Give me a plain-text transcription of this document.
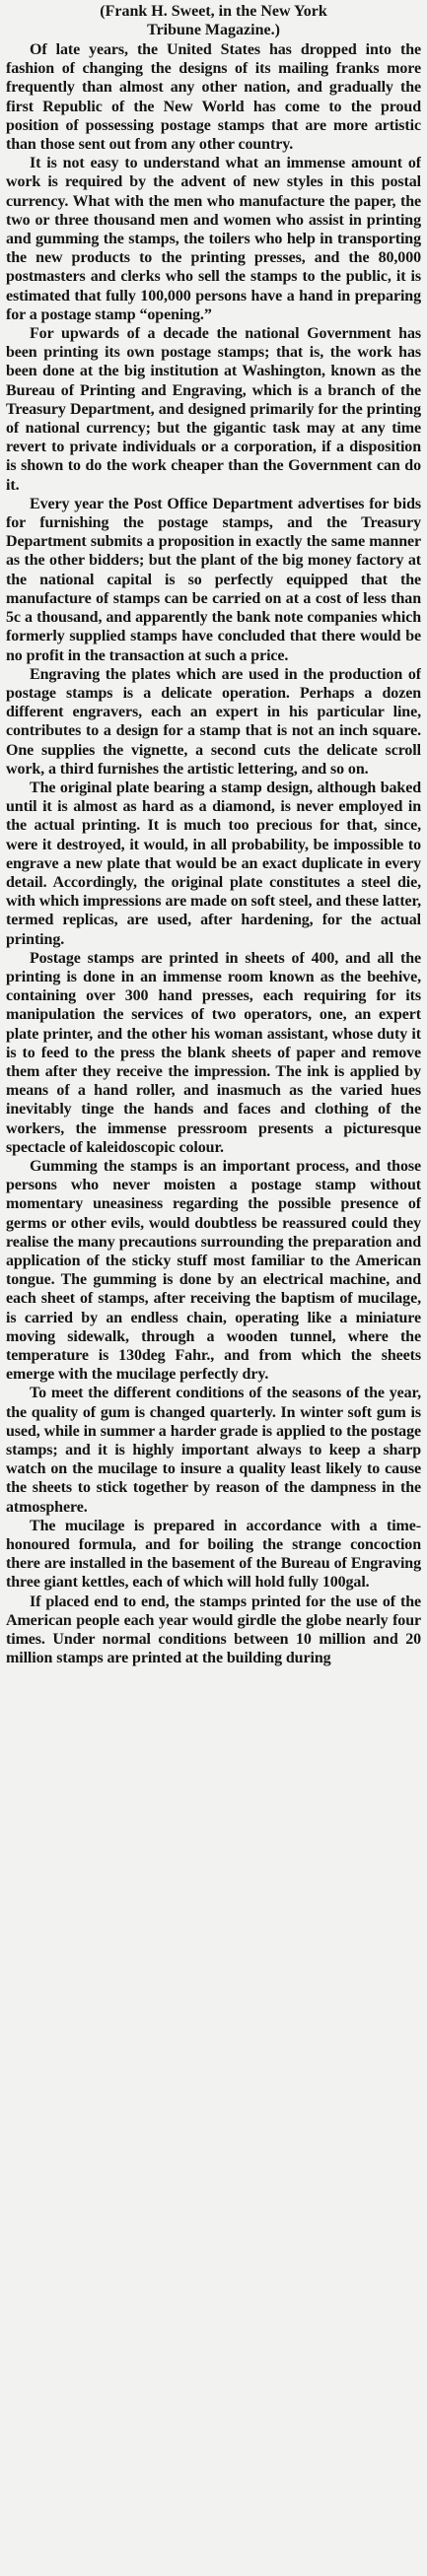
(Frank H. Sweet, in the New York
Tribune Magazine.)

Of late years, the United States has dropped into the fashion of changing the designs of its mailing franks more frequently than almost any other nation, and gradually the first Republic of the New World has come to the proud position of possessing postage stamps that are more artistic than those sent out from any other country.

It is not easy to understand what an immense amount of work is required by the advent of new styles in this postal currency. What with the men who manufacture the paper, the two or three thousand men and women who assist in printing and gumming the stamps, the toilers who help in transporting the new products to the printing presses, and the 80,000 postmasters and clerks who sell the stamps to the public, it is estimated that fully 100,000 persons have a hand in preparing for a postage stamp “opening.”

For upwards of a decade the national Government has been printing its own postage stamps; that is, the work has been done at the big institution at Washington, known as the Bureau of Printing and Engraving, which is a branch of the Treasury Department, and designed primarily for the printing of national currency; but the gigantic task may at any time revert to private individuals or a corporation, if a disposition is shown to do the work cheaper than the Government can do it.

Every year the Post Office Department advertises for bids for furnishing the postage stamps, and the Treasury Department submits a proposition in exactly the same manner as the other bidders; but the plant of the big money factory at the national capital is so perfectly equipped that the manufacture of stamps can be carried on at a cost of less than 5c a thousand, and apparently the bank note companies which formerly supplied stamps have concluded that there would be no profit in the transaction at such a price.

Engraving the plates which are used in the production of postage stamps is a delicate operation. Perhaps a dozen different engravers, each an expert in his particular line, contributes to a design for a stamp that is not an inch square. One supplies the vignette, a second cuts the delicate scroll work, a third furnishes the artistic lettering, and so on.

The original plate bearing a stamp design, although baked until it is almost as hard as a diamond, is never employed in the actual printing. It is much too precious for that, since, were it destroyed, it would, in all probability, be impossible to engrave a new plate that would be an exact duplicate in every detail. Accordingly, the original plate constitutes a steel die, with which impressions are made on soft steel, and these latter, termed replicas, are used, after hardening, for the actual printing.

Postage stamps are printed in sheets of 400, and all the printing is done in an immense room known as the beehive, containing over 300 hand presses, each requiring for its manipulation the services of two operators, one, an expert plate printer, and the other his woman assistant, whose duty it is to feed to the press the blank sheets of paper and remove them after they receive the impression. The ink is applied by means of a hand roller, and inasmuch as the varied hues inevitably tinge the hands and faces and clothing of the workers, the immense pressroom presents a picturesque spectacle of kaleidoscopic colour.

Gumming the stamps is an important process, and those persons who never moisten a postage stamp without momentary uneasiness regarding the possible presence of germs or other evils, would doubtless be reassured could they realise the many precautions surrounding the preparation and application of the sticky stuff most familiar to the American tongue. The gumming is done by an electrical machine, and each sheet of stamps, after receiving the baptism of mucilage, is carried by an endless chain, operating like a miniature moving sidewalk, through a wooden tunnel, where the temperature is 130deg Fahr., and from which the sheets emerge with the mucilage perfectly dry.

To meet the different conditions of the seasons of the year, the quality of gum is changed quarterly. In winter soft gum is used, while in summer a harder grade is applied to the postage stamps; and it is highly important always to keep a sharp watch on the mucilage to insure a quality least likely to cause the sheets to stick together by reason of the dampness in the atmosphere.

The mucilage is prepared in accordance with a time-honoured formula, and for boiling the strange concoction there are installed in the basement of the Bureau of Engraving three giant kettles, each of which will hold fully 100gal.

If placed end to end, the stamps printed for the use of the American people each year would girdle the globe nearly four times. Under normal conditions between 10 million and 20 million stamps are printed at the building during
